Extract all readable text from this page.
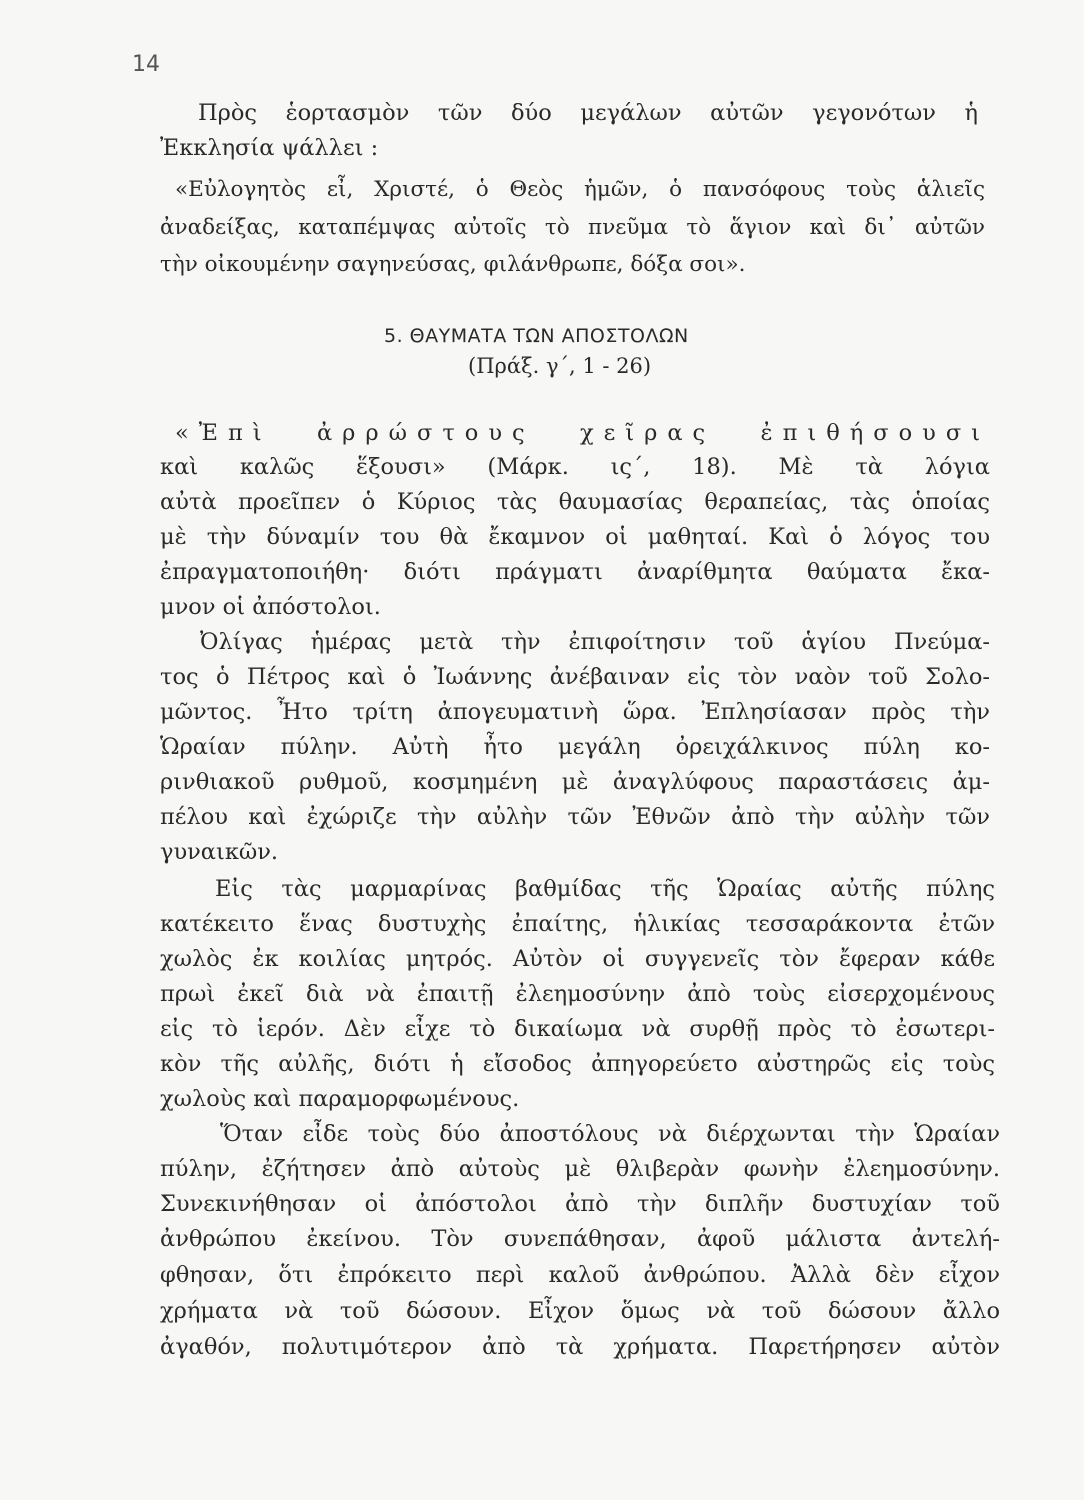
14
Πρὸς ἑορτασμὸν τῶν δύο μεγάλων αὐτῶν γεγονότων ἡ
Ἐκκλησία ψάλλει :
«Εὐλογητὸς εἶ, Χριστέ, ὁ Θεὸς ἡμῶν, ὁ πανσόφους τοὺς ἁλιεῖς
ἀναδείξας, καταπέμψας αὐτοῖς τὸ πνεῦμα τὸ ἅγιον καὶ δι᾿ αὐτῶν
τὴν οἰκουμένην σαγηνεύσας, φιλάνθρωπε, δόξα σοι».
5. ΘΑΥΜΑΤΑ ΤΩΝ ΑΠΟΣΤΟΛΩΝ
(Πράξ. γ΄, 1 - 26)
«Ἐπὶ ἀρρώστους χεῖρας ἐπιθήσουσι
καὶ καλῶς ἕξουσι» (Μάρκ. ις΄, 18). Μὲ τὰ λόγια
αὐτὰ προεῖπεν ὁ Κύριος τὰς θαυμασίας θεραπείας, τὰς ὁποίας
μὲ τὴν δύναμίν του θὰ ἔκαμνον οἱ μαθηταί. Καὶ ὁ λόγος του
ἐπραγματοποιήθη· διότι πράγματι ἀναρίθμητα θαύματα ἔκα-
μνον οἱ ἀπόστολοι.
Ὀλίγας ἡμέρας μετὰ τὴν ἐπιφοίτησιν τοῦ ἁγίου Πνεύμα-
τος ὁ Πέτρος καὶ ὁ Ἰωάννης ἀνέβαιναν εἰς τὸν ναὸν τοῦ Σολο-
μῶντος. Ἦτο τρίτη ἀπογευματινὴ ὥρα. Ἐπλησίασαν πρὸς τὴν
Ὡραίαν πύλην. Αὐτὴ ἦτο μεγάλη ὀρειχάλκινος πύλη κο-
ρινθιακοῦ ρυθμοῦ, κοσμημένη μὲ ἀναγλύφους παραστάσεις ἀμ-
πέλου καὶ ἐχώριζε τὴν αὐλὴν τῶν Ἐθνῶν ἀπὸ τὴν αὐλὴν τῶν
γυναικῶν.
Εἰς τὰς μαρμαρίνας βαθμίδας τῆς Ὡραίας αὐτῆς πύλης
κατέκειτο ἕνας δυστυχὴς ἐπαίτης, ἡλικίας τεσσαράκοντα ἐτῶν
χωλὸς ἐκ κοιλίας μητρός. Αὐτὸν οἱ συγγενεῖς τὸν ἔφεραν κάθε
πρωὶ ἐκεῖ διὰ νὰ ἐπαιτῇ ἐλεημοσύνην ἀπὸ τοὺς εἰσερχομένους
εἰς τὸ ἱερόν. Δὲν εἶχε τὸ δικαίωμα νὰ συρθῇ πρὸς τὸ ἐσωτερι-
κὸν τῆς αὐλῆς, διότι ἡ εἴσοδος ἀπηγορεύετο αὐστηρῶς εἰς τοὺς
χωλοὺς καὶ παραμορφωμένους.
Ὅταν εἶδε τοὺς δύο ἀποστόλους νὰ διέρχωνται τὴν Ὡραίαν
πύλην, ἐζήτησεν ἀπὸ αὐτοὺς μὲ θλιβερὰν φωνὴν ἐλεημοσύνην.
Συνεκινήθησαν οἱ ἀπόστολοι ἀπὸ τὴν διπλῆν δυστυχίαν τοῦ
ἀνθρώπου ἐκείνου. Τὸν συνεπάθησαν, ἀφοῦ μάλιστα ἀντελή-
φθησαν, ὅτι ἐπρόκειτο περὶ καλοῦ ἀνθρώπου. Ἀλλὰ δὲν εἶχον
χρήματα νὰ τοῦ δώσουν. Εἶχον ὅμως νὰ τοῦ δώσουν ἄλλο
ἀγαθόν, πολυτιμότερον ἀπὸ τὰ χρήματα. Παρετήρησεν αὐτὸν
